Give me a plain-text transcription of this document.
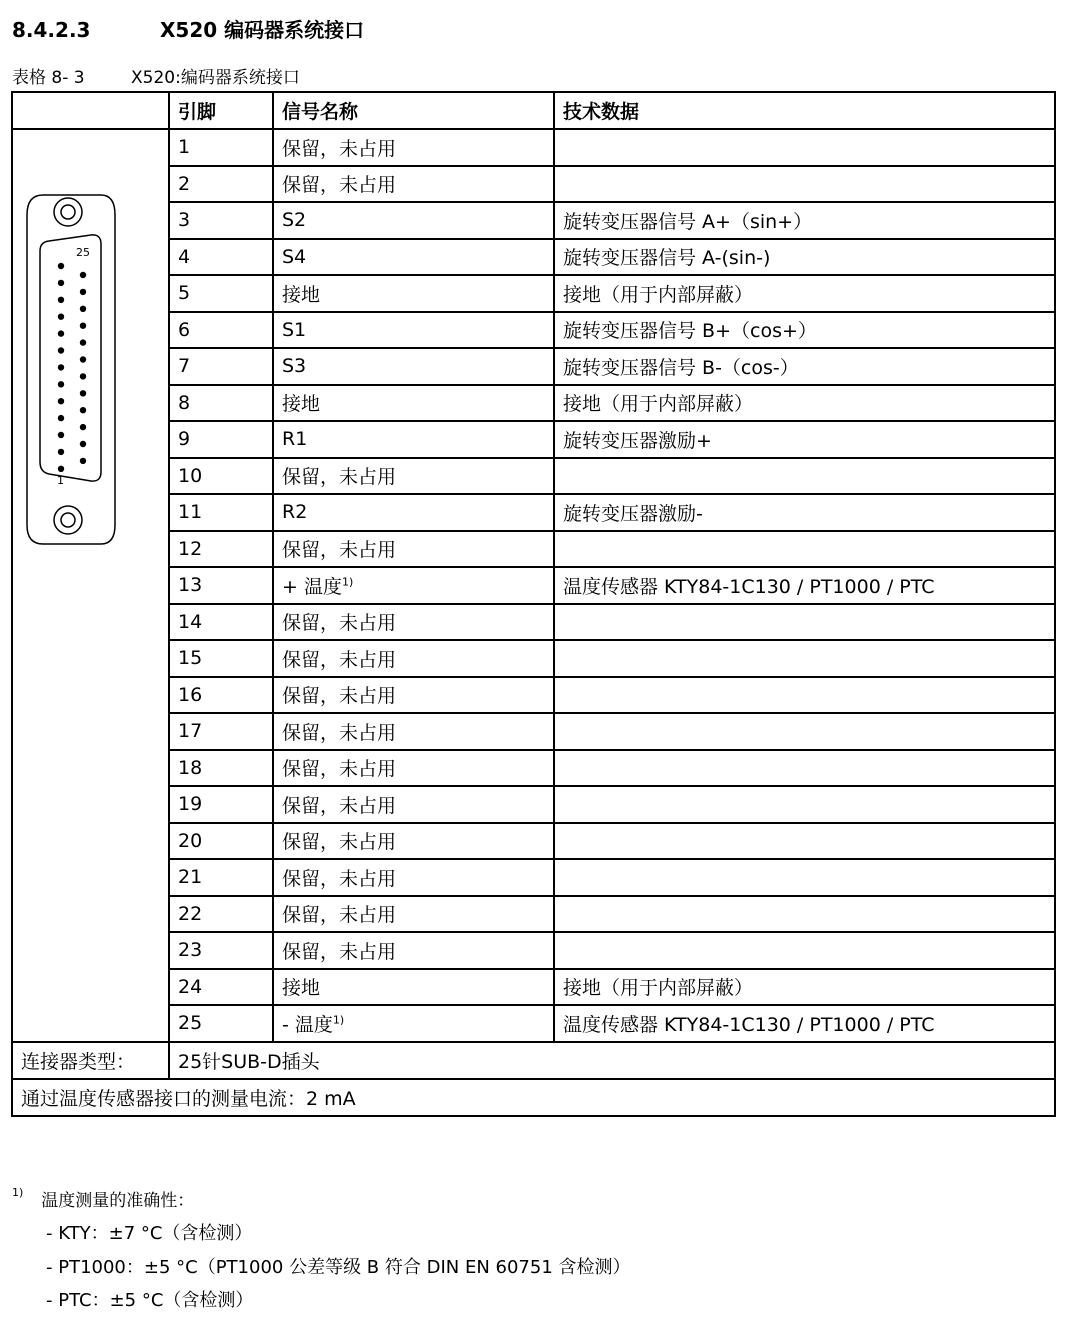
8.4.2.3	X520 编码器系统接口
表格 8- 3	X520:编码器系统接口
	引脚	信号名称	技术数据

25
1	1	保留，未占用	
	2	保留，未占用	
	3	S2	旋转变压器信号 A+（sin+）
	4	S4	旋转变压器信号 A-(sin-)
	5	接地	接地（用于内部屏蔽）
	6	S1	旋转变压器信号 B+（cos+）
	7	S3	旋转变压器信号 B-（cos-）
	8	接地	接地（用于内部屏蔽）
	9	R1	旋转变压器激励+
	10	保留，未占用	
	11	R2	旋转变压器激励-
	12	保留，未占用	
	13	+ 温度$^{1)}$	温度传感器 KTY84-1C130 / PT1000 / PTC
	14	保留，未占用	
	15	保留，未占用	
	16	保留，未占用	
	17	保留，未占用	
	18	保留，未占用	
	19	保留，未占用	
	20	保留，未占用	
	21	保留，未占用	
	22	保留，未占用	
	23	保留，未占用	
	24	接地	接地（用于内部屏蔽）
	25	- 温度$^{1)}$	温度传感器 KTY84-1C130 / PT1000 / PTC
连接器类型：	25针SUB-D插头		
通过温度传感器接口的测量电流：2 mA			
$^{1)}$ 温度测量的准确性：
- KTY：±7 °C（含检测）
- PT1000：±5 °C（PT1000 公差等级 B 符合 DIN EN 60751 含检测）
- PTC：±5 °C（含检测）
